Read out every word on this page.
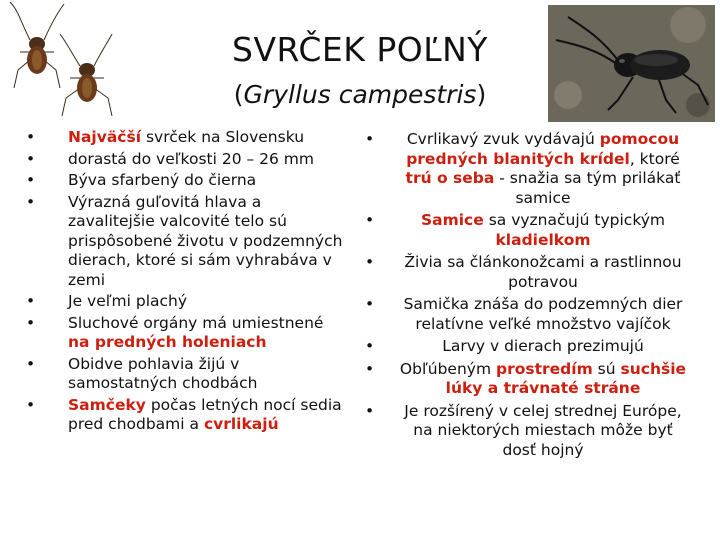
SVRČEK POĽNÝ
(Gryllus campestris)
• Najväčší svrček na Slovensku
• dorastá do veľkosti 20 – 26 mm
• Býva sfarbený do čierna
• Výrazná guľovitá hlava a zavalitejšie valcovité telo sú prispôsobené životu v podzemných dierach, ktoré si sám vyhrabáva v zemi
• Je veľmi plachý
• Sluchové orgány má umiestnené na predných holeniach
• Obidve pohlavia žijú v samostatných chodbách
• Samčeky počas letných nocí sedia pred chodbami a cvrlikajú
• Cvrlikavý zvuk vydávajú pomocou predných blanitých krídel, ktoré trú o seba - snažia sa tým prilákať samice
•	Samice sa vyznačujú typickým kladielkom
• Živia sa článkonožcami a rastlinnou potravou
• Samička znáša do podzemných dier relatívne veľké množstvo vajíčok
•	Larvy v dierach prezimujú
• Obľúbeným prostredím sú suchšie lúky a trávnaté stráne
• Je rozšírený v celej strednej Európe, na niektorých miestach môže byť dosť hojný
